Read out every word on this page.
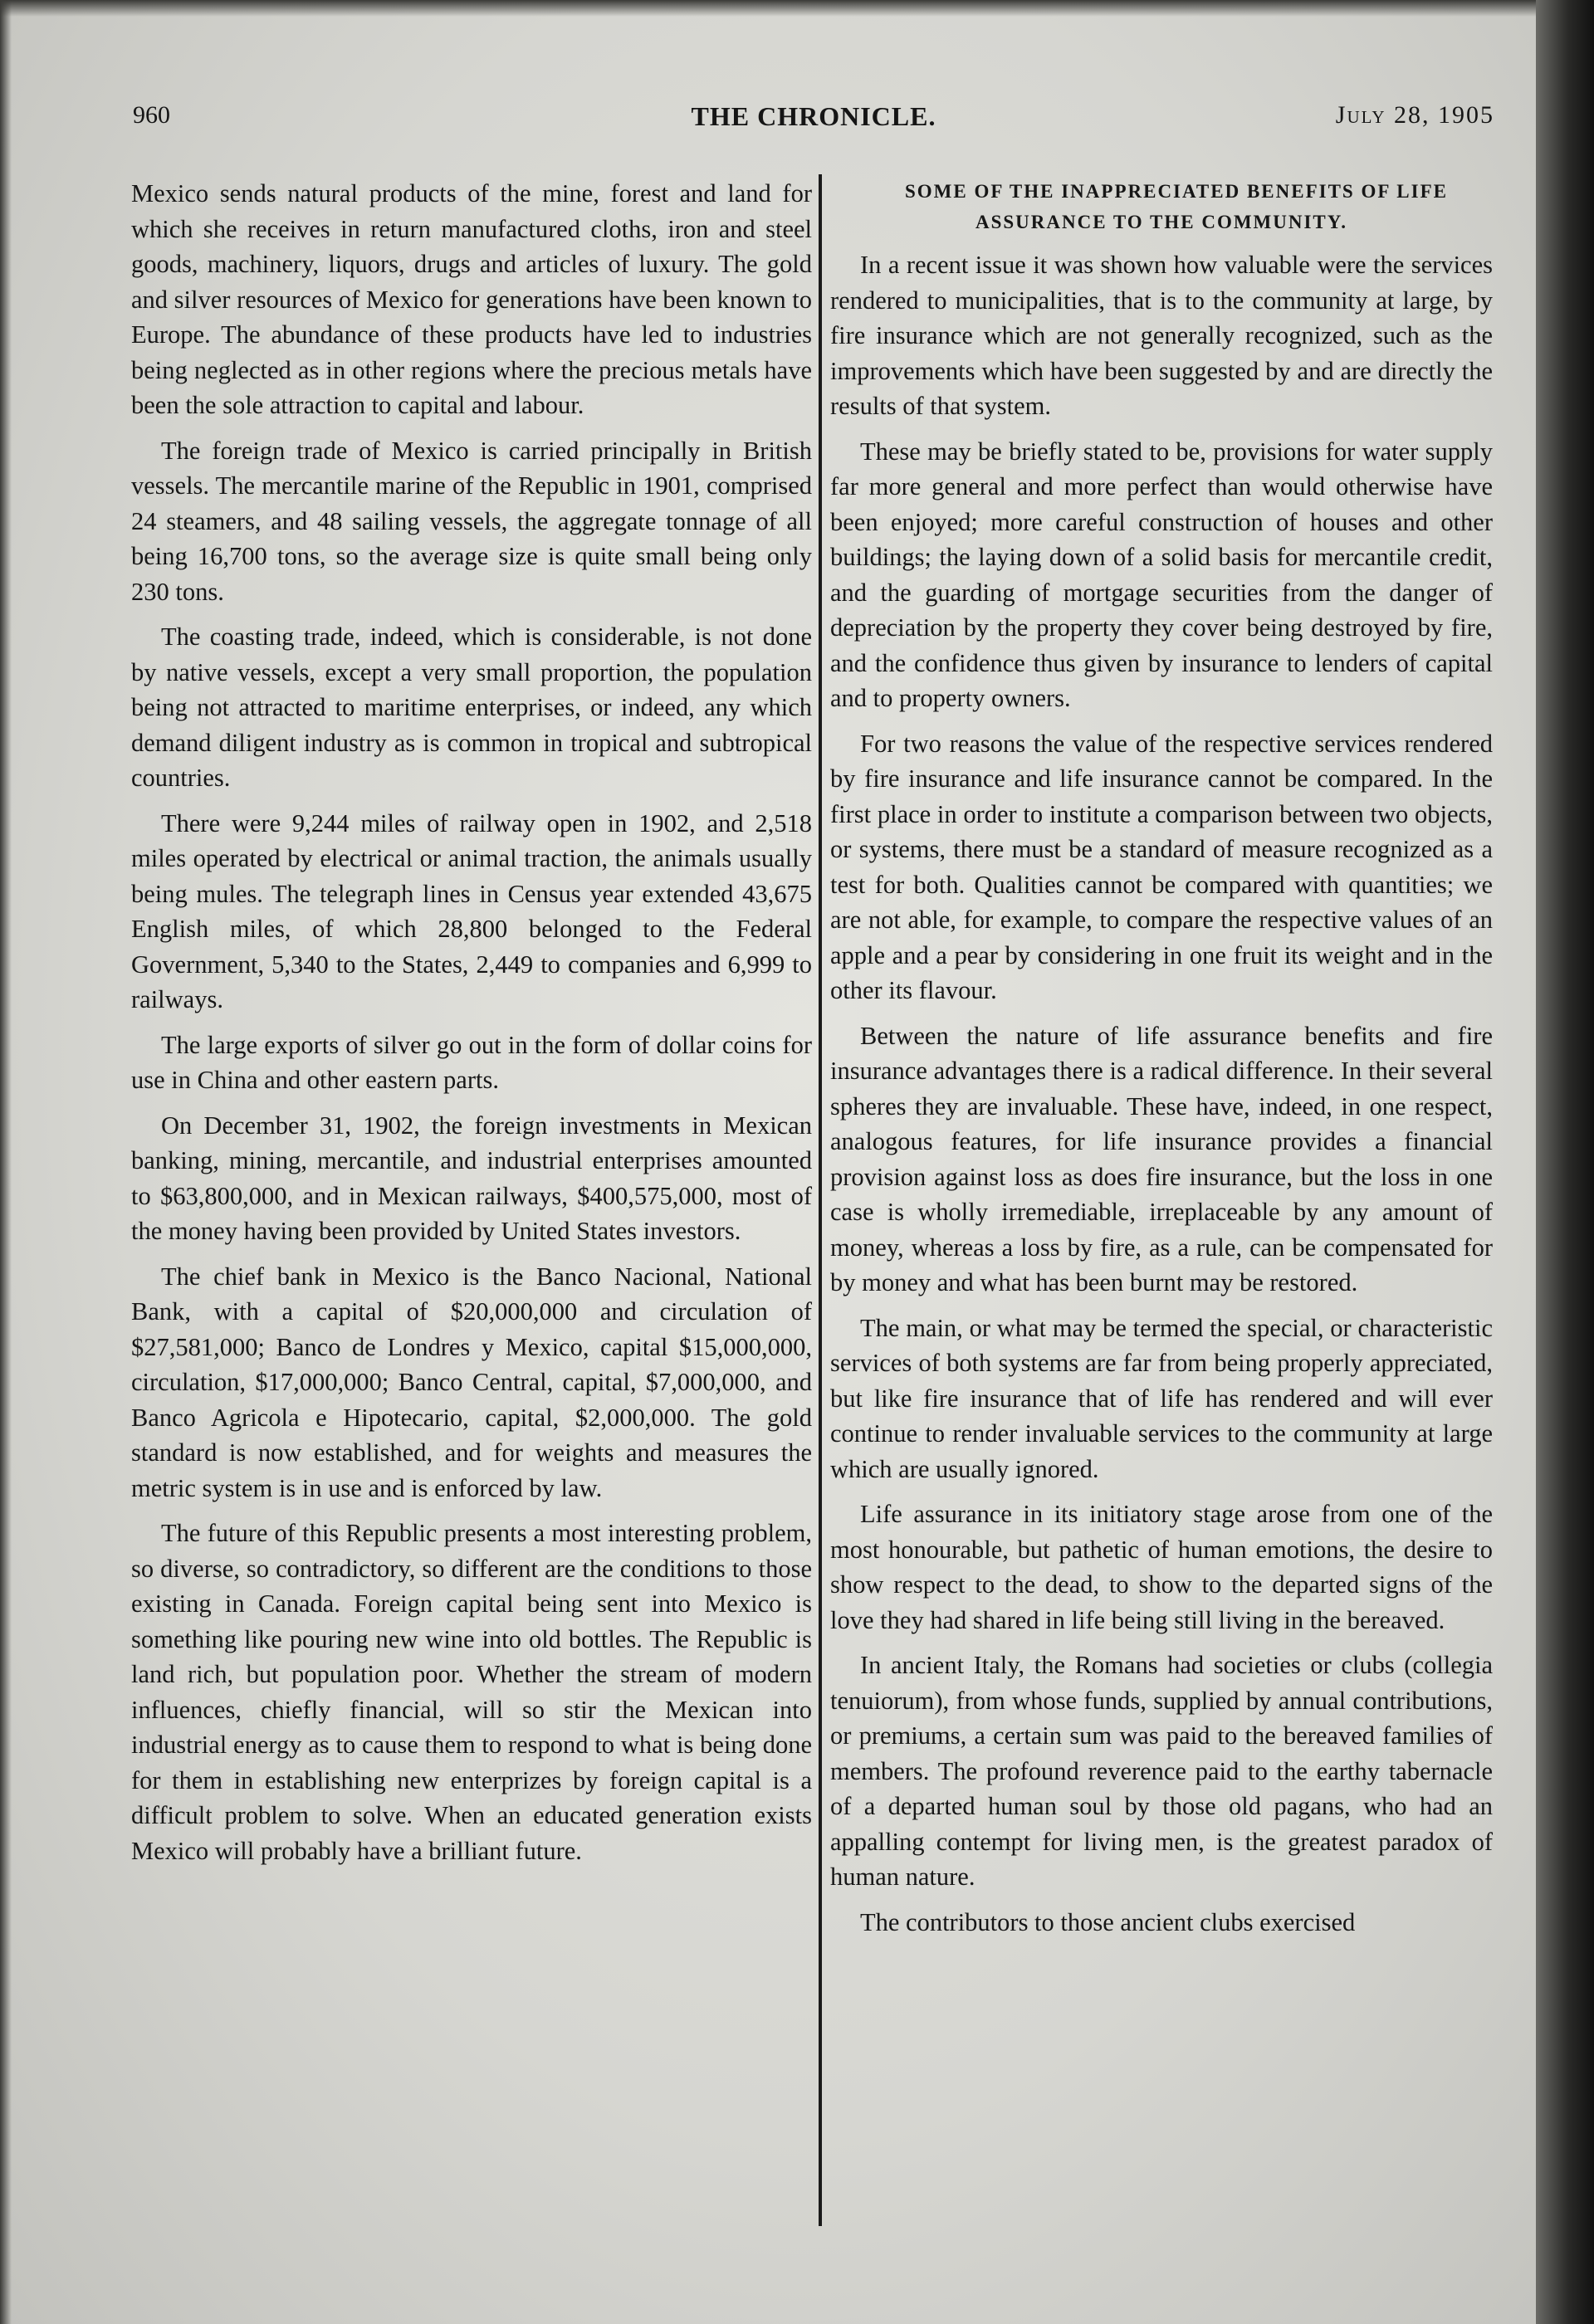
960	THE CHRONICLE.	July 28, 1905

Mexico sends natural products of the mine, forest and land for which she receives in return manufactured cloths, iron and steel goods, machinery, liquors, drugs and articles of luxury. The gold and silver resources of Mexico for generations have been known to Europe. The abundance of these products have led to industries being neglected as in other regions where the precious metals have been the sole attraction to capital and labour.

The foreign trade of Mexico is carried principally in British vessels. The mercantile marine of the Republic in 1901, comprised 24 steamers, and 48 sailing vessels, the aggregate tonnage of all being 16,700 tons, so the average size is quite small being only 230 tons.

The coasting trade, indeed, which is considerable, is not done by native vessels, except a very small proportion, the population being not attracted to maritime enterprises, or indeed, any which demand diligent industry as is common in tropical and subtropical countries.

There were 9,244 miles of railway open in 1902, and 2,518 miles operated by electrical or animal traction, the animals usually being mules. The telegraph lines in Census year extended 43,675 English miles, of which 28,800 belonged to the Federal Government, 5,340 to the States, 2,449 to companies and 6,999 to railways.

The large exports of silver go out in the form of dollar coins for use in China and other eastern parts.

On December 31, 1902, the foreign investments in Mexican banking, mining, mercantile, and industrial enterprises amounted to $63,800,000, and in Mexican railways, $400,575,000, most of the money having been provided by United States investors.

The chief bank in Mexico is the Banco Nacional, National Bank, with a capital of $20,000,000 and circulation of $27,581,000; Banco de Londres y Mexico, capital $15,000,000, circulation, $17,000,000; Banco Central, capital, $7,000,000, and Banco Agricola e Hipotecario, capital, $2,000,000. The gold standard is now established, and for weights and measures the metric system is in use and is enforced by law.

The future of this Republic presents a most interesting problem, so diverse, so contradictory, so different are the conditions to those existing in Canada. Foreign capital being sent into Mexico is something like pouring new wine into old bottles. The Republic is land rich, but population poor. Whether the stream of modern influences, chiefly financial, will so stir the Mexican into industrial energy as to cause them to respond to what is being done for them in establishing new enterprizes by foreign capital is a difficult problem to solve. When an educated generation exists Mexico will probably have a brilliant future.

SOME OF THE INAPPRECIATED BENEFITS OF LIFE ASSURANCE TO THE COMMUNITY.

In a recent issue it was shown how valuable were the services rendered to municipalities, that is to the community at large, by fire insurance which are not generally recognized, such as the improvements which have been suggested by and are directly the results of that system.

These may be briefly stated to be, provisions for water supply far more general and more perfect than would otherwise have been enjoyed; more careful construction of houses and other buildings; the laying down of a solid basis for mercantile credit, and the guarding of mortgage securities from the danger of depreciation by the property they cover being destroyed by fire, and the confidence thus given by insurance to lenders of capital and to property owners.

For two reasons the value of the respective services rendered by fire insurance and life insurance cannot be compared. In the first place in order to institute a comparison between two objects, or systems, there must be a standard of measure recognized as a test for both. Qualities cannot be compared with quantities; we are not able, for example, to compare the respective values of an apple and a pear by considering in one fruit its weight and in the other its flavour.

Between the nature of life assurance benefits and fire insurance advantages there is a radical difference. In their several spheres they are invaluable. These have, indeed, in one respect, analogous features, for life insurance provides a financial provision against loss as does fire insurance, but the loss in one case is wholly irremediable, irreplaceable by any amount of money, whereas a loss by fire, as a rule, can be compensated for by money and what has been burnt may be restored.

The main, or what may be termed the special, or characteristic services of both systems are far from being properly appreciated, but like fire insurance that of life has rendered and will ever continue to render invaluable services to the community at large which are usually ignored.

Life assurance in its initiatory stage arose from one of the most honourable, but pathetic of human emotions, the desire to show respect to the dead, to show to the departed signs of the love they had shared in life being still living in the bereaved.

In ancient Italy, the Romans had societies or clubs (collegia tenuiorum), from whose funds, supplied by annual contributions, or premiums, a certain sum was paid to the bereaved families of members. The profound reverence paid to the earthy tabernacle of a departed human soul by those old pagans, who had an appalling contempt for living men, is the greatest paradox of human nature.

The contributors to those ancient clubs exercised
